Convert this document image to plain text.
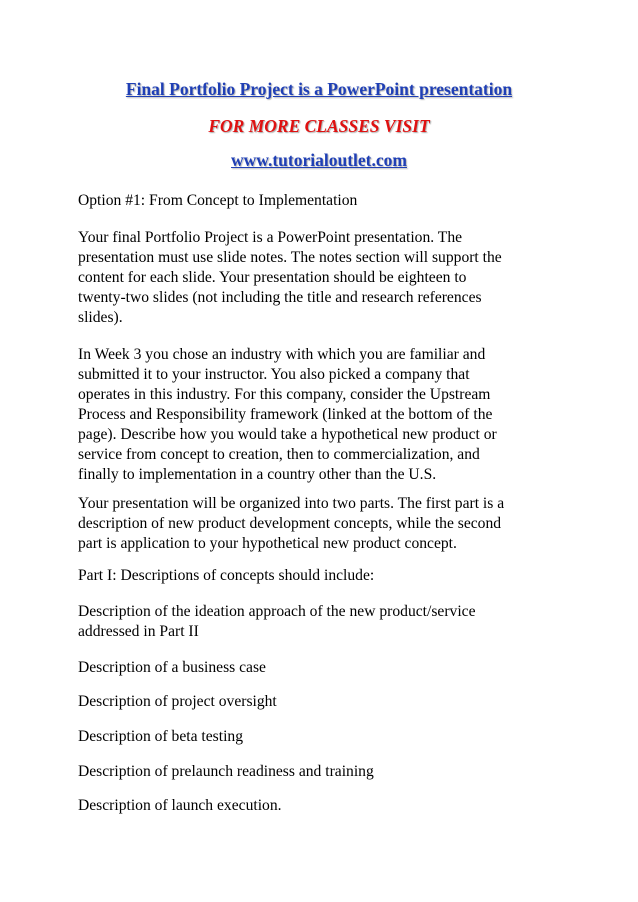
Final Portfolio Project is a PowerPoint presentation
FOR MORE CLASSES VISIT
www.tutorialoutlet.com
Option #1: From Concept to Implementation
Your final Portfolio Project is a PowerPoint presentation. The
presentation must use slide notes. The notes section will support the
content for each slide. Your presentation should be eighteen to
twenty-two slides (not including the title and research references
slides).
In Week 3 you chose an industry with which you are familiar and
submitted it to your instructor. You also picked a company that
operates in this industry. For this company, consider the Upstream
Process and Responsibility framework (linked at the bottom of the
page). Describe how you would take a hypothetical new product or
service from concept to creation, then to commercialization, and
finally to implementation in a country other than the U.S.
Your presentation will be organized into two parts. The first part is a
description of new product development concepts, while the second
part is application to your hypothetical new product concept.
Part I: Descriptions of concepts should include:
Description of the ideation approach of the new product/service
addressed in Part II
Description of a business case
Description of project oversight
Description of beta testing
Description of prelaunch readiness and training
Description of launch execution.
